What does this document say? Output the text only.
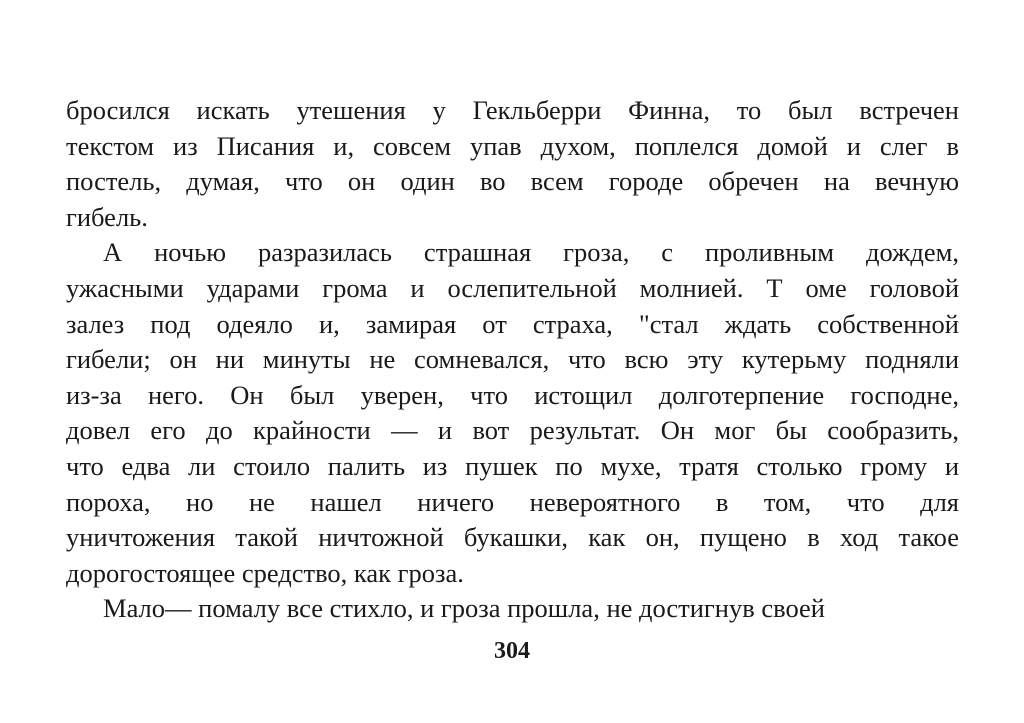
бросился искать утешения у Гекльберри Финна, то был встречен
текстом из Писания и, совсем упав духом, поплелся домой и слег в
постель, думая, что он один во всем городе обречен на вечную
гибель.
А ночью разразилась страшная гроза, с проливным дождем,
ужасными ударами грома и ослепительной молнией. Т оме головой
залез под одеяло и, замирая от страха, "стал ждать собственной
гибели; он ни минуты не сомневался, что всю эту кутерьму подняли
из-за него. Он был уверен, что истощил долготерпение господне,
довел его до крайности — и вот результат. Он мог бы сообразить,
что едва ли стоило палить из пушек по мухе, тратя столько грому и
пороха, но не нашел ничего невероятного в том, что для
уничтожения такой ничтожной букашки, как он, пущено в ход такое
дорогостоящее средство, как гроза.
Мало— помалу все стихло, и гроза прошла, не достигнув своей
304
